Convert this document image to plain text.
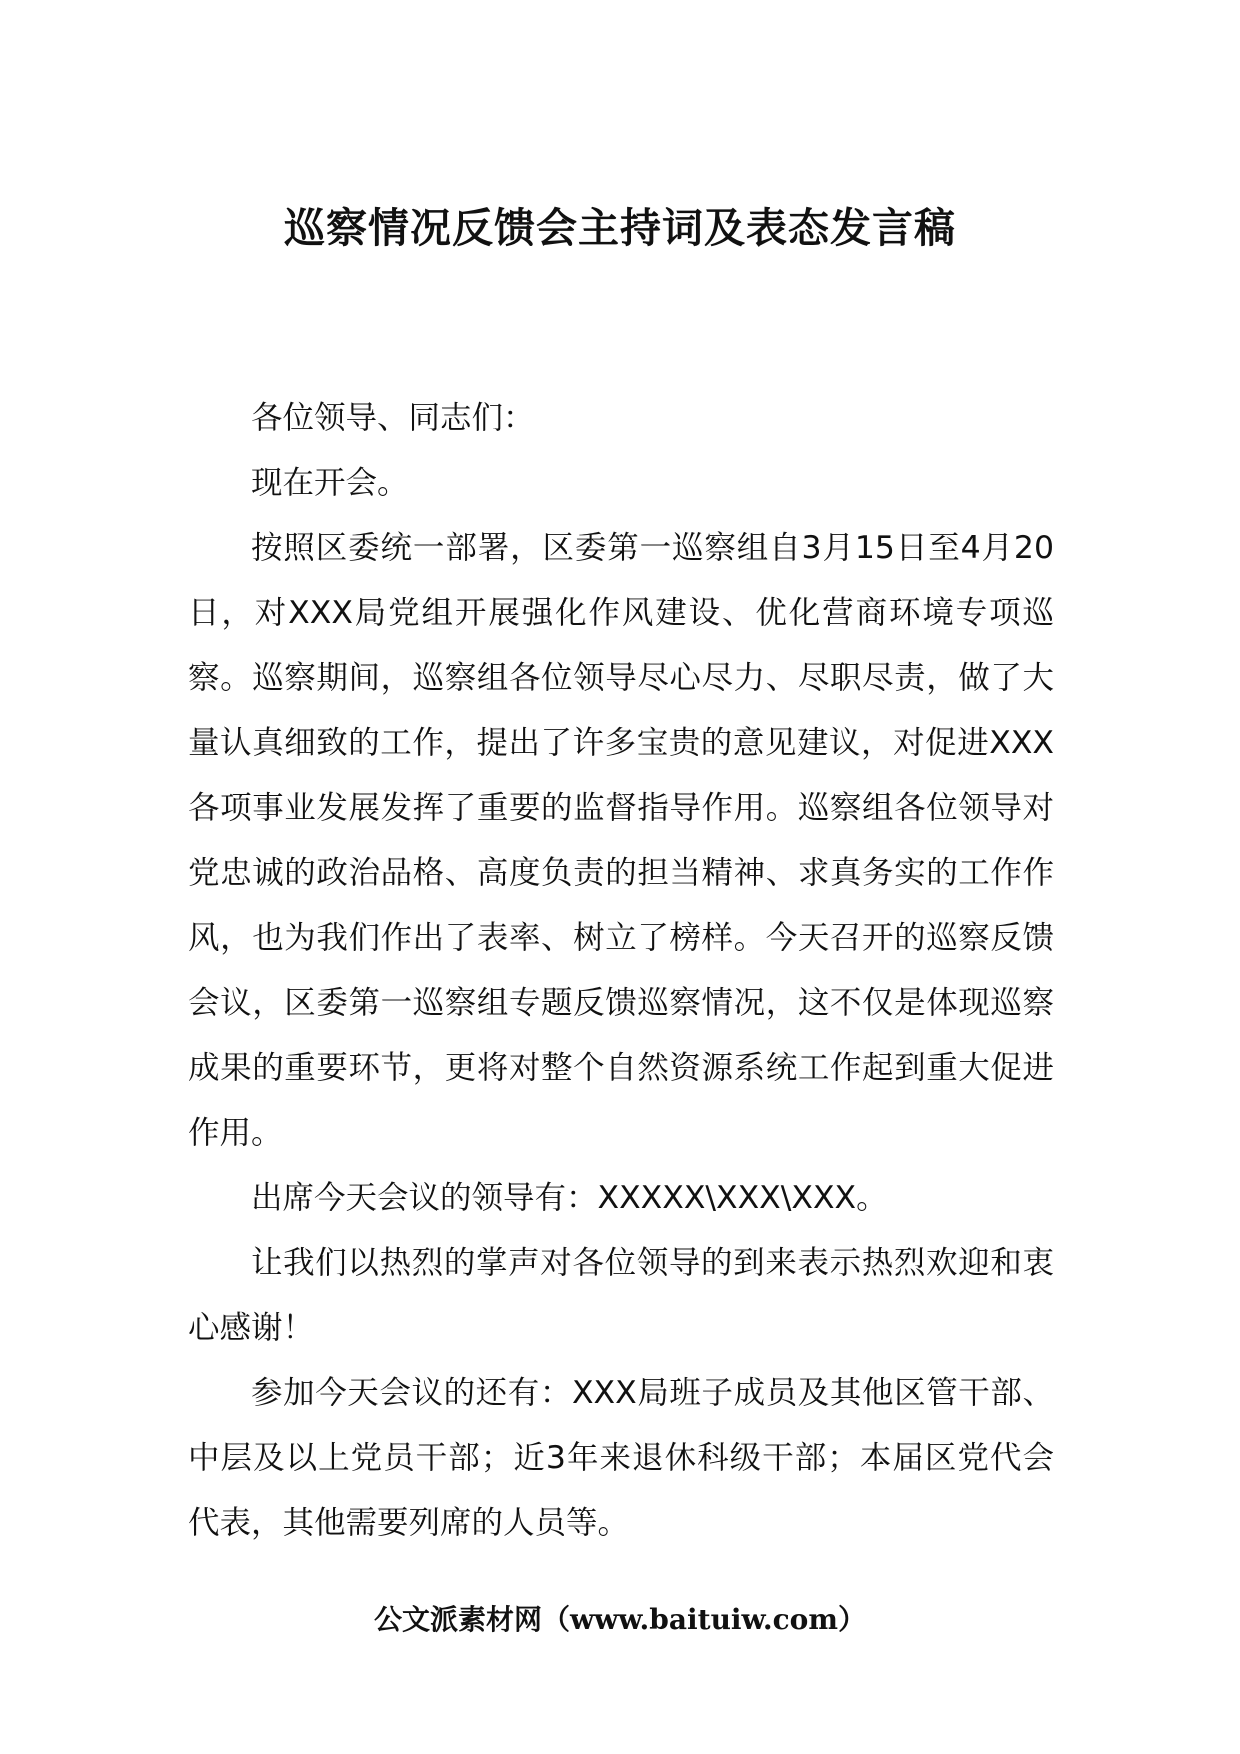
巡察情况反馈会主持词及表态发言稿

各位领导、同志们：

现在开会。

按照区委统一部署，区委第一巡察组自3月15日至4月20日，对XXX局党组开展强化作风建设、优化营商环境专项巡察。巡察期间，巡察组各位领导尽心尽力、尽职尽责，做了大量认真细致的工作，提出了许多宝贵的意见建议，对促进XXX各项事业发展发挥了重要的监督指导作用。巡察组各位领导对党忠诚的政治品格、高度负责的担当精神、求真务实的工作作风，也为我们作出了表率、树立了榜样。今天召开的巡察反馈会议，区委第一巡察组专题反馈巡察情况，这不仅是体现巡察成果的重要环节，更将对整个自然资源系统工作起到重大促进作用。

出席今天会议的领导有：XXXXX\XXX\XXX。

让我们以热烈的掌声对各位领导的到来表示热烈欢迎和衷心感谢！

参加今天会议的还有：XXX局班子成员及其他区管干部、中层及以上党员干部；近3年来退休科级干部；本届区党代会代表，其他需要列席的人员等。

公文派素材网（www.baituiw.com）
